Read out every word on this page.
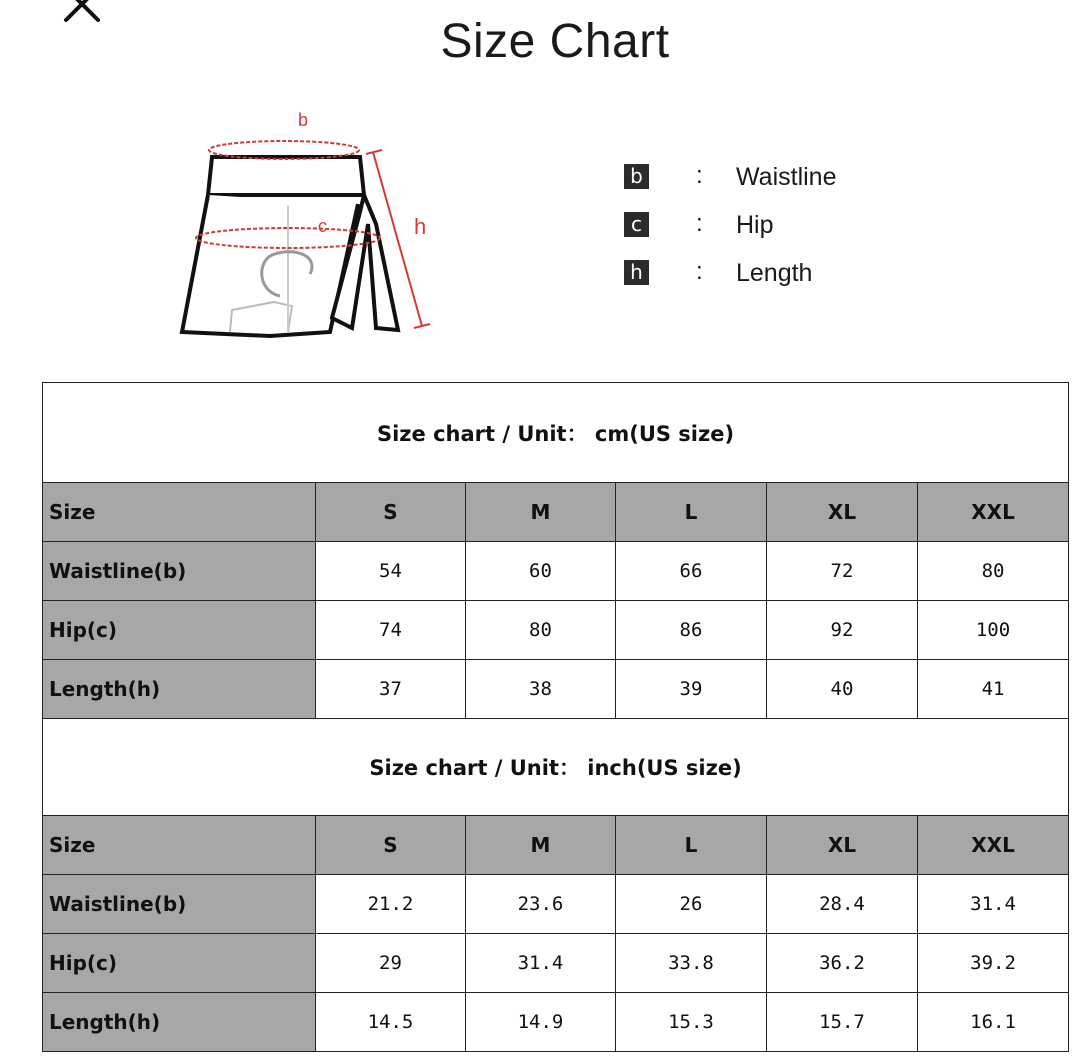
Size Chart
b
c	h
b : Waistline
c : Hip
h : Length
Size chart / Unit： cm(US size)					
Size	S	M	L	XL	XXL
Waistline(b)	54	60	66	72	80
Hip(c)	74	80	86	92	100
Length(h)	37	38	39	40	41
Size chart / Unit： inch(US size)					
Size	S	M	L	XL	XXL
Waistline(b)	21.2	23.6	26	28.4	31.4
Hip(c)	29	31.4	33.8	36.2	39.2
Length(h)	14.5	14.9	15.3	15.7	16.1
